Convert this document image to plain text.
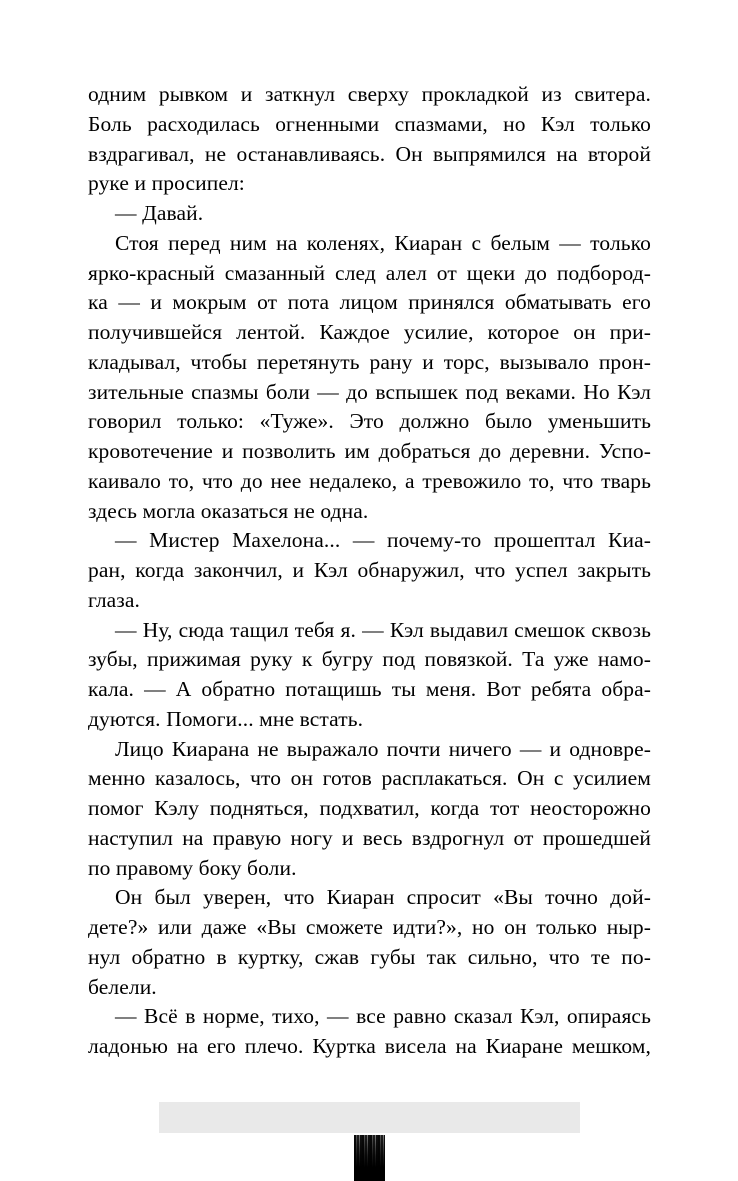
одним рывком и заткнул сверху прокладкой из свитера.
Боль расходилась огненными спазмами, но Кэл только
вздрагивал, не останавливаясь. Он выпрямился на второй
руке и просипел:

— Давай.

Стоя перед ним на коленях, Киаран с белым — только
ярко-красный смазанный след алел от щеки до подбород-
ка — и мокрым от пота лицом принялся обматывать его
получившейся лентой. Каждое усилие, которое он при-
кладывал, чтобы перетянуть рану и торс, вызывало прон-
зительные спазмы боли — до вспышек под веками. Но Кэл
говорил только: «Туже». Это должно было уменьшить
кровотечение и позволить им добраться до деревни. Успо-
каивало то, что до нее недалеко, а тревожило то, что тварь
здесь могла оказаться не одна.

— Мистер Махелона... — почему-то прошептал Киа-
ран, когда закончил, и Кэл обнаружил, что успел закрыть
глаза.

— Ну, сюда тащил тебя я. — Кэл выдавил смешок сквозь
зубы, прижимая руку к бугру под повязкой. Та уже намо-
кала. — А обратно потащишь ты меня. Вот ребята обра-
дуются. Помоги... мне встать.

Лицо Киарана не выражало почти ничего — и одновре-
менно казалось, что он готов расплакаться. Он с усилием
помог Кэлу подняться, подхватил, когда тот неосторожно
наступил на правую ногу и весь вздрогнул от прошедшей
по правому боку боли.

Он был уверен, что Киаран спросит «Вы точно дой-
дете?» или даже «Вы сможете идти?», но он только ныр-
нул обратно в куртку, сжав губы так сильно, что те по-
белели.

— Всё в норме, тихо, — все равно сказал Кэл, опираясь
ладонью на его плечо. Куртка висела на Киаране мешком,
